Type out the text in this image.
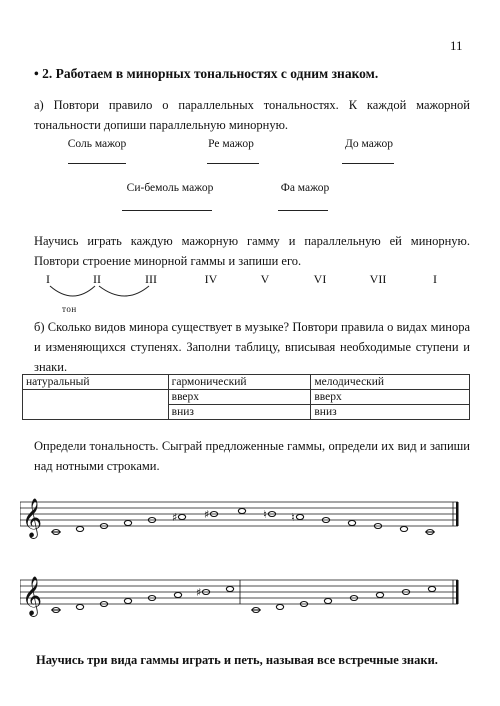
11
• 2. Работаем в минорных тональностях с одним знаком.
а) Повтори правило о параллельных тональностях. К каждой мажорной тональности допиши параллельную минорную.
Соль мажор	Ре мажор	До мажор
Си-бемоль мажор	Фа мажор
Научись играть каждую мажорную гамму и параллельную ей минорную. Повтори строение минорной гаммы и запиши его.
I	II	III	IV	V	VI	VII	I
тон
б) Сколько видов минора существует в музыке? Повтори правила о видах минора и изменяющихся ступенях. Заполни таблицу, вписывая необходимые ступени и знаки.
натуральный	гармонический	мелодический
	вверх	вверх
	вниз	вниз
Определи тональность. Сыграй предложенные гаммы, определи их вид и запиши над нотными строками.
𝄞	♯ ♯	♮ ♮
𝄞	♯
Научись три вида гаммы играть и петь, называя все встречные знаки.
